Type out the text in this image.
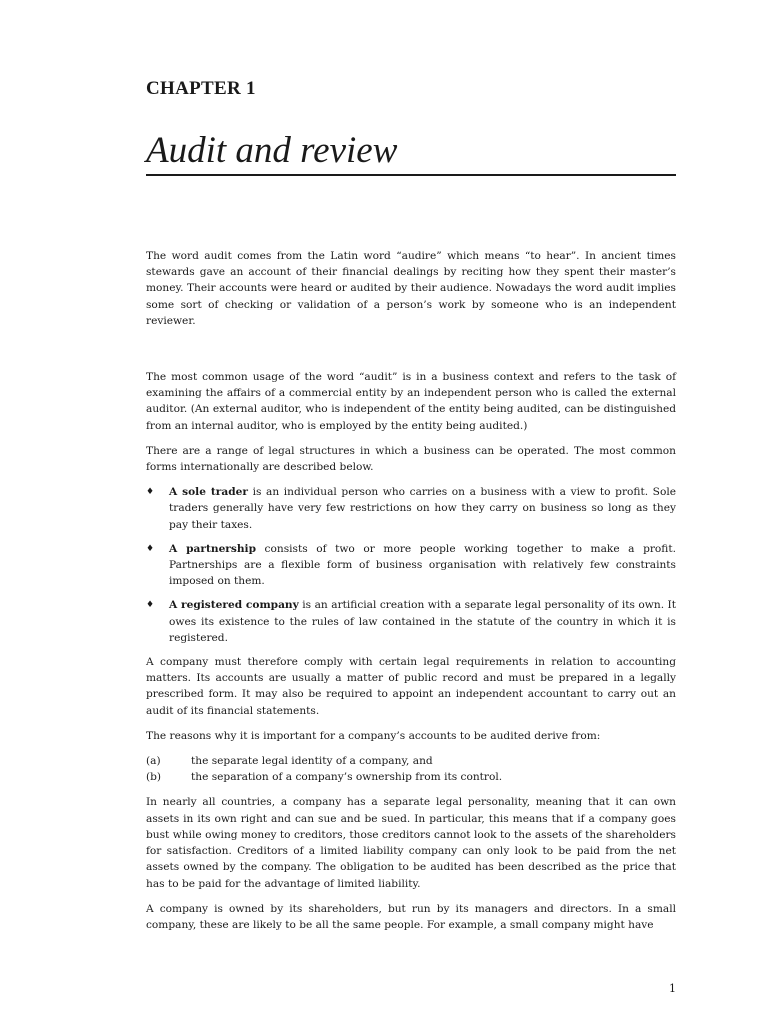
CHAPTER 1
Audit and review

The word audit comes from the Latin word “audire” which means “to hear”. In ancient times stewards gave an account of their financial dealings by reciting how they spent their master’s money. Their accounts were heard or audited by their audience. Nowadays the word audit implies some sort of checking or validation of a person’s work by someone who is an independent reviewer.

The most common usage of the word “audit” is in a business context and refers to the task of examining the affairs of a commercial entity by an independent person who is called the external auditor. (An external auditor, who is independent of the entity being audited, can be distinguished from an internal auditor, who is employed by the entity being audited.)

There are a range of legal structures in which a business can be operated. The most common forms internationally are described below.

♦ A sole trader is an individual person who carries on a business with a view to profit. Sole traders generally have very few restrictions on how they carry on business so long as they pay their taxes.
♦ A partnership consists of two or more people working together to make a profit. Partnerships are a flexible form of business organisation with relatively few constraints imposed on them.
♦ A registered company is an artificial creation with a separate legal personality of its own. It owes its existence to the rules of law contained in the statute of the country in which it is registered.

A company must therefore comply with certain legal requirements in relation to accounting matters. Its accounts are usually a matter of public record and must be prepared in a legally prescribed form. It may also be required to appoint an independent accountant to carry out an audit of its financial statements.

The reasons why it is important for a company’s accounts to be audited derive from:

(a)	the separate legal identity of a company, and
(b)	the separation of a company’s ownership from its control.

In nearly all countries, a company has a separate legal personality, meaning that it can own assets in its own right and can sue and be sued. In particular, this means that if a company goes bust while owing money to creditors, those creditors cannot look to the assets of the shareholders for satisfaction. Creditors of a limited liability company can only look to be paid from the net assets owned by the company. The obligation to be audited has been described as the price that has to be paid for the advantage of limited liability.

A company is owned by its shareholders, but run by its managers and directors. In a small company, these are likely to be all the same people. For example, a small company might have

1
